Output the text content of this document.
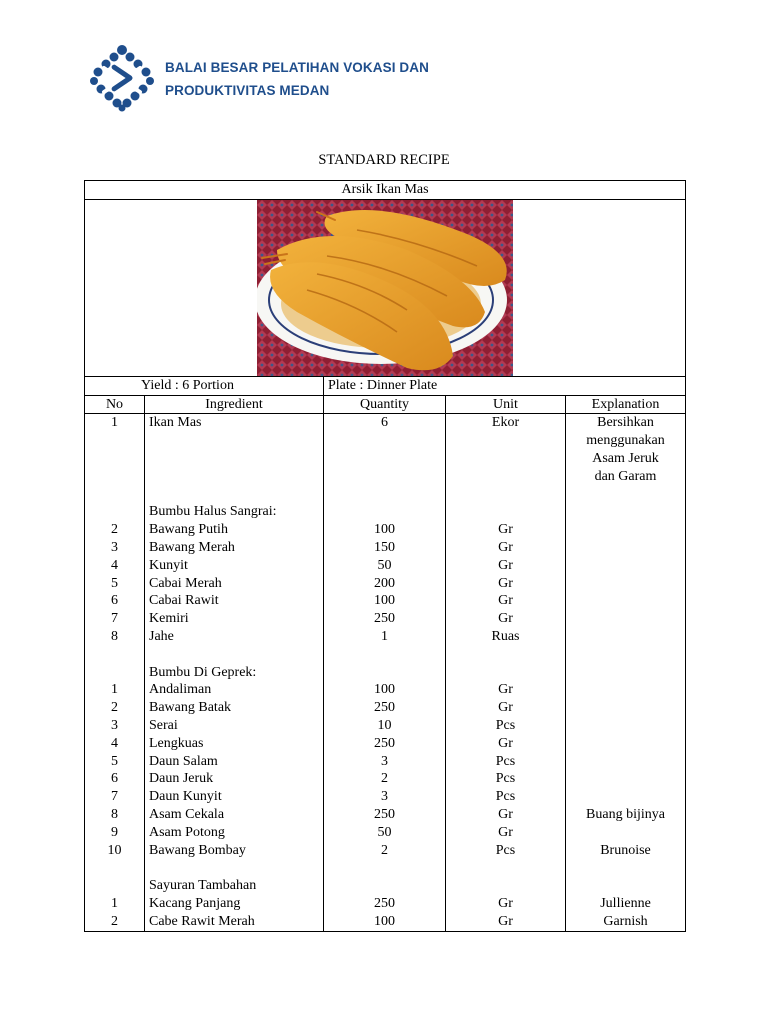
BALAI BESAR PELATIHAN VOKASI DAN
PRODUKTIVITAS MEDAN
STANDARD RECIPE
Arsik Ikan Mas				

Yield : 6 Portion		Plate : Dinner Plate		
No	Ingredient	Quantity	Unit	Explanation
1	Ikan Mas	6	Ekor	Bersihkan
menggunakan
Asam Jeruk
dan Garam

	Bumbu Halus Sangrai:			
2	Bawang Putih	100	Gr	
3	Bawang Merah	150	Gr	
4	Kunyit	50	Gr	
5	Cabai Merah	200	Gr	
6	Cabai Rawit	100	Gr	
7	Kemiri	250	Gr	
8	Jahe	1	Ruas	

	Bumbu Di Geprek:			
1	Andaliman	100	Gr	
2	Bawang Batak	250	Gr	
3	Serai	10	Pcs	
4	Lengkuas	250	Gr	
5	Daun Salam	3	Pcs	
6	Daun Jeruk	2	Pcs	
7	Daun Kunyit	3	Pcs	
8	Asam Cekala	250	Gr	Buang bijinya
9	Asam Potong	50	Gr	
10	Bawang Bombay	2	Pcs	Brunoise

	Sayuran Tambahan			
1	Kacang Panjang	250	Gr	Jullienne
2	Cabe Rawit Merah	100	Gr	Garnish
